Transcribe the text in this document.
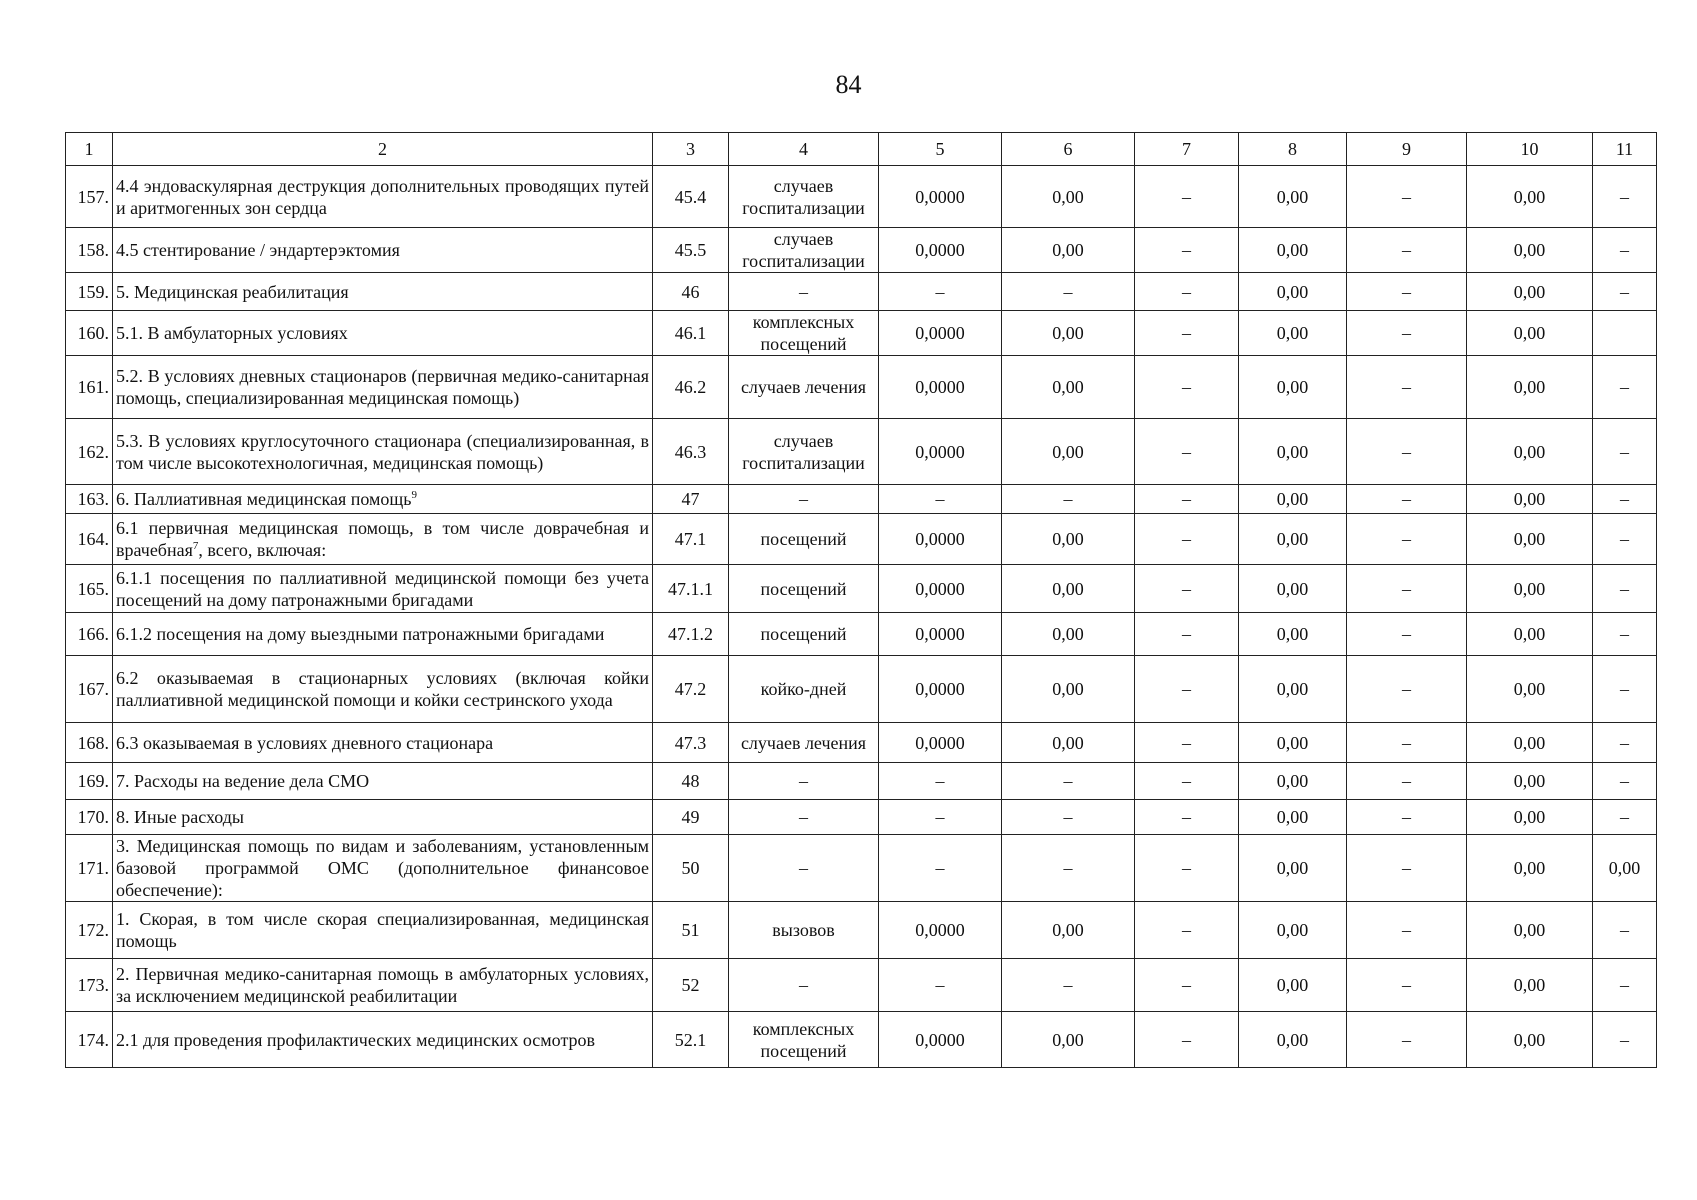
84
1	2	3	4	5	6	7	8	9	10	11
157.	4.4 эндоваскулярная деструкция дополнительных проводящих путей и аритмогенных зон сердца	45.4	случаев госпитализации	0,0000	0,00	–	0,00	–	0,00	–
158.	4.5 стентирование / эндартерэктомия	45.5	случаев госпитализации	0,0000	0,00	–	0,00	–	0,00	–
159.	5. Медицинская реабилитация	46	–	–	–	–	0,00	–	0,00	–
160.	5.1. В амбулаторных условиях	46.1	комплексных посещений	0,0000	0,00	–	0,00	–	0,00	
161.	5.2. В условиях дневных стационаров (первичная медико-санитарная помощь, специализированная медицинская помощь)	46.2	случаев лечения	0,0000	0,00	–	0,00	–	0,00	–
162.	5.3. В условиях круглосуточного стационара (специализированная, в том числе высокотехнологичная, медицинская помощь)	46.3	случаев госпитализации	0,0000	0,00	–	0,00	–	0,00	–
163.	6. Паллиативная медицинская помощь$^9$	47	–	–	–	–	0,00	–	0,00	–
164.	6.1 первичная медицинская помощь, в том числе доврачебная и врачебная$^7$, всего, включая:	47.1	посещений	0,0000	0,00	–	0,00	–	0,00	–
165.	6.1.1 посещения по паллиативной медицинской помощи без учета посещений на дому патронажными бригадами	47.1.1	посещений	0,0000	0,00	–	0,00	–	0,00	–
166.	6.1.2 посещения на дому выездными патронажными бригадами	47.1.2	посещений	0,0000	0,00	–	0,00	–	0,00	–
167.	6.2 оказываемая в стационарных условиях (включая койки паллиативной медицинской помощи и койки сестринского ухода	47.2	койко-дней	0,0000	0,00	–	0,00	–	0,00	–
168.	6.3 оказываемая в условиях дневного стационара	47.3	случаев лечения	0,0000	0,00	–	0,00	–	0,00	–
169.	7. Расходы на ведение дела СМО	48	–	–	–	–	0,00	–	0,00	–
170.	8. Иные расходы	49	–	–	–	–	0,00	–	0,00	–
171.	3. Медицинская помощь по видам и заболеваниям, установленным базовой программой ОМС (дополнительное финансовое обеспечение):	50	–	–	–	–	0,00	–	0,00	0,00
172.	1. Скорая, в том числе скорая специализированная, медицинская помощь	51	вызовов	0,0000	0,00	–	0,00	–	0,00	–
173.	2. Первичная медико-санитарная помощь в амбулаторных условиях, за исключением медицинской реабилитации	52	–	–	–	–	0,00	–	0,00	–
174.	2.1 для проведения профилактических медицинских осмотров	52.1	комплексных посещений	0,0000	0,00	–	0,00	–	0,00	–
